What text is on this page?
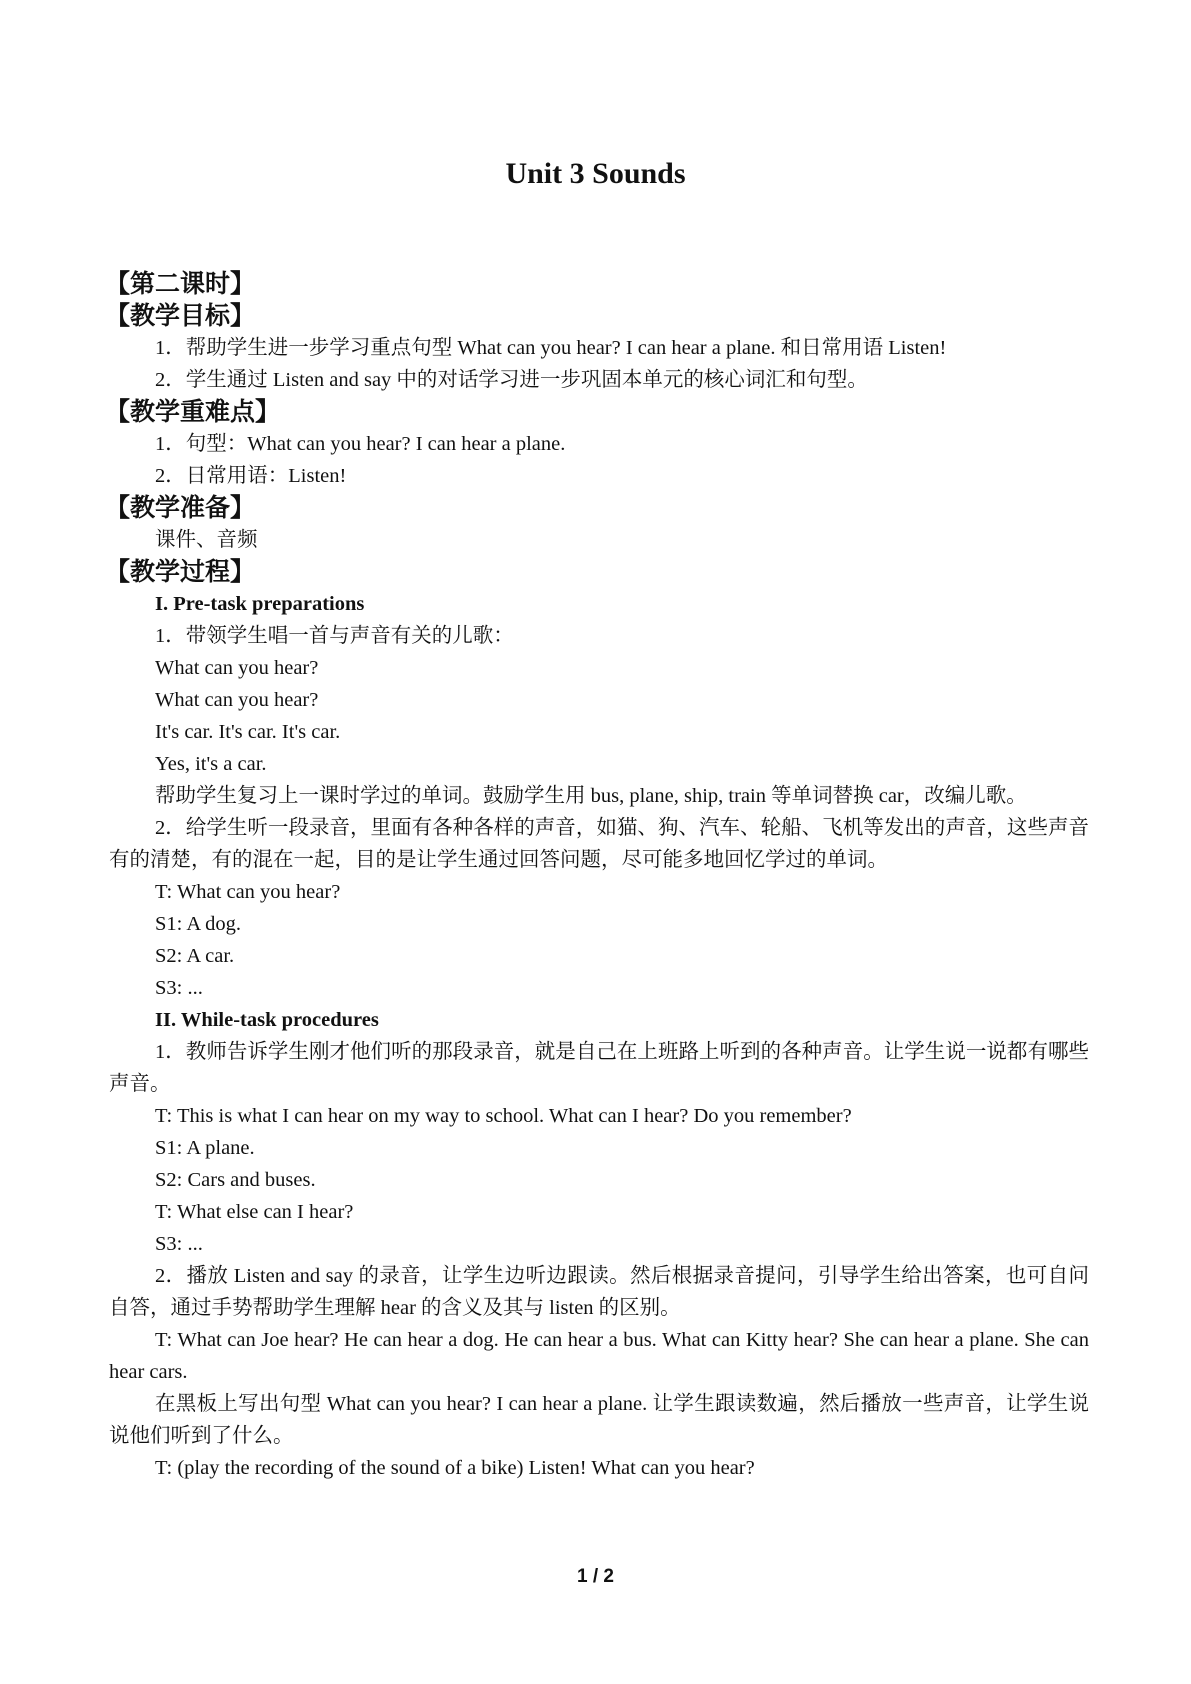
Unit 3 Sounds
【第二课时】
【教学目标】
1．帮助学生进一步学习重点句型 What can you hear? I can hear a plane. 和日常用语 Listen!
2．学生通过 Listen and say 中的对话学习进一步巩固本单元的核心词汇和句型。
【教学重难点】
1．句型：What can you hear? I can hear a plane.
2．日常用语：Listen!
【教学准备】
课件、音频
【教学过程】
I. Pre-task preparations
1．带领学生唱一首与声音有关的儿歌：
What can you hear?
What can you hear?
It's car. It's car. It's car.
Yes, it's a car.
帮助学生复习上一课时学过的单词。鼓励学生用 bus, plane, ship, train 等单词替换 car，改编儿歌。
2．给学生听一段录音，里面有各种各样的声音，如猫、狗、汽车、轮船、飞机等发出的声音，这些声音有的清楚，有的混在一起，目的是让学生通过回答问题，尽可能多地回忆学过的单词。
T: What can you hear?
S1: A dog.
S2: A car.
S3: ...
II. While-task procedures
1．教师告诉学生刚才他们听的那段录音，就是自己在上班路上听到的各种声音。让学生说一说都有哪些声音。
T: This is what I can hear on my way to school. What can I hear? Do you remember?
S1: A plane.
S2: Cars and buses.
T: What else can I hear?
S3: ...
2．播放 Listen and say 的录音，让学生边听边跟读。然后根据录音提问，引导学生给出答案，也可自问自答，通过手势帮助学生理解 hear 的含义及其与 listen 的区别。
T: What can Joe hear? He can hear a dog. He can hear a bus. What can Kitty hear? She can hear a plane. She can hear cars.
在黑板上写出句型 What can you hear? I can hear a plane. 让学生跟读数遍，然后播放一些声音，让学生说说他们听到了什么。
T: (play the recording of the sound of a bike) Listen! What can you hear?
1 / 2
